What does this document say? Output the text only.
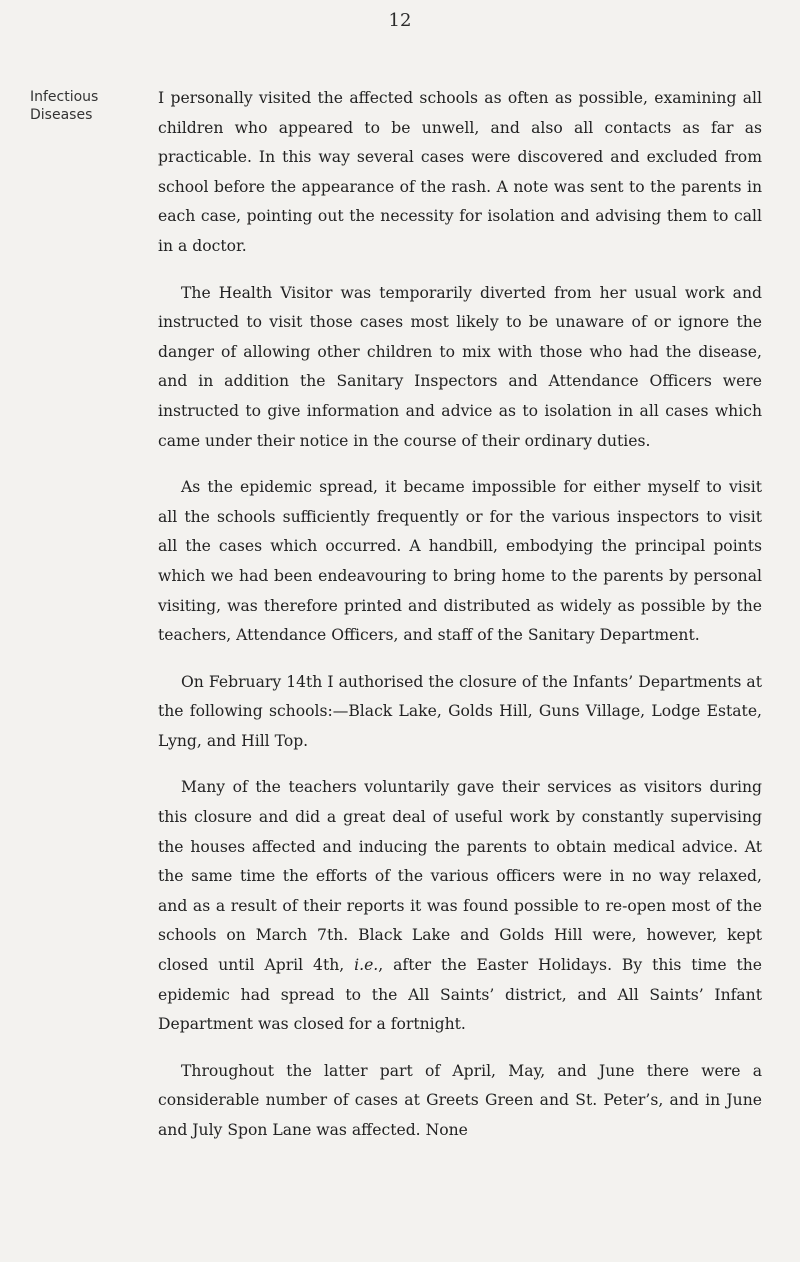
12
Infectious
Diseases

I personally visited the affected schools as often as possible, examining all children who appeared to be unwell, and also all contacts as far as practicable. In this way several cases were discovered and excluded from school before the appearance of the rash. A note was sent to the parents in each case, pointing out the necessity for isolation and advising them to call in a doctor.

The Health Visitor was temporarily diverted from her usual work and instructed to visit those cases most likely to be unaware of or ignore the danger of allowing other children to mix with those who had the disease, and in addition the Sanitary Inspectors and Attendance Officers were instructed to give information and advice as to isolation in all cases which came under their notice in the course of their ordinary duties.

As the epidemic spread, it became impossible for either myself to visit all the schools sufficiently frequently or for the various inspectors to visit all the cases which occurred. A handbill, embodying the principal points which we had been endeavouring to bring home to the parents by personal visiting, was therefore printed and distributed as widely as possible by the teachers, Attendance Officers, and staff of the Sanitary Department.

On February 14th I authorised the closure of the Infants’ Departments at the following schools:—Black Lake, Golds Hill, Guns Village, Lodge Estate, Lyng, and Hill Top.

Many of the teachers voluntarily gave their services as visitors during this closure and did a great deal of useful work by constantly supervising the houses affected and inducing the parents to obtain medical advice. At the same time the efforts of the various officers were in no way relaxed, and as a result of their reports it was found possible to re-open most of the schools on March 7th. Black Lake and Golds Hill were, however, kept closed until April 4th, i.e., after the Easter Holidays. By this time the epidemic had spread to the All Saints’ district, and All Saints’ Infant Department was closed for a fortnight.

Throughout the latter part of April, May, and June there were a considerable number of cases at Greets Green and St. Peter’s, and in June and July Spon Lane was affected. None
